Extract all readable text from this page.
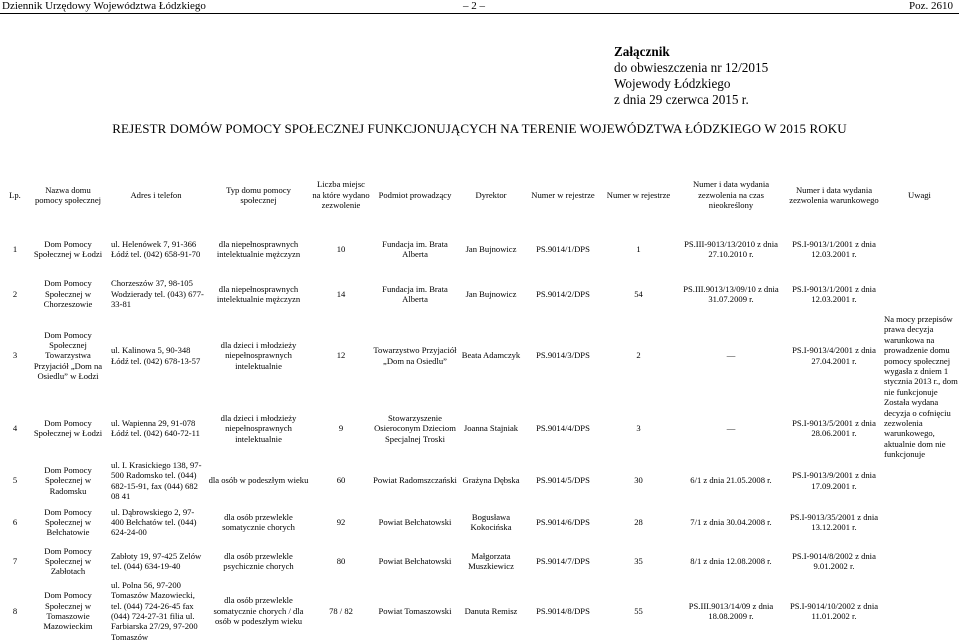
Dziennik Urzędowy Województwa Łódzkiego	– 2 –	Poz. 2610
Załącznik
do obwieszczenia nr 12/2015
Wojewody Łódzkiego
z dnia 29 czerwca 2015 r.
REJESTR DOMÓW POMOCY SPOŁECZNEJ FUNKCJONUJĄCYCH NA TERENIE WOJEWÓDZTWA ŁÓDZKIEGO W 2015 ROKU
Lp.	Nazwa domu pomocy społecznej	Adres i telefon	Typ domu pomocy społecznej	Liczba miejsc na które wydano zezwolenie	Podmiot prowadzący	Dyrektor	Numer w rejestrze	Numer w rejestrze	Numer i data wydania zezwolenia na czas nieokreślony	Numer i data wydania zezwolenia warunkowego	Uwagi
1	Dom Pomocy Społecznej w Łodzi	ul. Helenówek 7, 91-366 Łódź tel. (042) 658-91-70	dla niepełnosprawnych intelektualnie mężczyzn	10	Fundacja im. Brata Alberta	Jan Bujnowicz	PS.9014/1/DPS	1	PS.III-9013/13/2010 z dnia 27.10.2010 r.	PS.I-9013/1/2001 z dnia 12.03.2001 r.	
2	Dom Pomocy Społecznej w Chorzeszowie	Chorzeszów 37, 98-105 Wodzierady tel. (043) 677-33-81	dla niepełnosprawnych intelektualnie mężczyzn	14	Fundacja im. Brata Alberta	Jan Bujnowicz	PS.9014/2/DPS	54	PS.III.9013/13/09/10 z dnia 31.07.2009 r.	PS.I-9013/1/2001 z dnia 12.03.2001 r.	
3	Dom Pomocy Społecznej Towarzystwa Przyjaciół „Dom na Osiedlu” w Łodzi	ul. Kalinowa 5, 90-348 Łódź tel. (042) 678-13-57	dla dzieci i młodzieży niepełnosprawnych intelektualnie	12	Towarzystwo Przyjaciół „Dom na Osiedlu”	Beata Adamczyk	PS.9014/3/DPS	2	—	PS.I-9013/4/2001 z dnia 27.04.2001 r.	Na mocy przepisów prawa decyzja warunkowa na prowadzenie domu pomocy społecznej wygasła z dniem 1 stycznia 2013 r., dom nie funkcjonuje
4	Dom Pomocy Społecznej w Łodzi	ul. Wapienna 29, 91-078 Łódź tel. (042) 640-72-11	dla dzieci i młodzieży niepełnosprawnych intelektualnie	9	Stowarzyszenie Osieroconym Dzieciom Specjalnej Troski	Joanna Stajniak	PS.9014/4/DPS	3	—	PS.I-9013/5/2001 z dnia 28.06.2001 r.	Została wydana decyzja o cofnięciu zezwolenia warunkowego, aktualnie dom nie funkcjonuje
5	Dom Pomocy Społecznej w Radomsku	ul. I. Krasickiego 138, 97-500 Radomsko tel. (044) 682-15-91, fax (044) 682 08 41	dla osób w podeszłym wieku	60	Powiat Radomszczański	Grażyna Dębska	PS.9014/5/DPS	30	6/1 z dnia 21.05.2008 r.	PS.I-9013/9/2001 z dnia 17.09.2001 r.	
6	Dom Pomocy Społecznej w Bełchatowie	ul. Dąbrowskiego 2, 97-400 Bełchatów tel. (044) 624-24-00	dla osób przewlekle somatycznie chorych	92	Powiat Bełchatowski	Bogusława Kokocińska	PS.9014/6/DPS	28	7/1 z dnia 30.04.2008 r.	PS.I-9013/35/2001 z dnia 13.12.2001 r.	
7	Dom Pomocy Społecznej w Zabłotach	Zabłoty 19, 97-425 Zelów tel. (044) 634-19-40	dla osób przewlekle psychicznie chorych	80	Powiat Bełchatowski	Małgorzata Muszkiewicz	PS.9014/7/DPS	35	8/1 z dnia 12.08.2008 r.	PS.I-9014/8/2002 z dnia 9.01.2002 r.	
8	Dom Pomocy Społecznej w Tomaszowie Mazowieckim	ul. Polna 56, 97-200 Tomaszów Mazowiecki, tel. (044) 724-26-45 fax (044) 724-27-31 filia ul. Farbiarska 27/29, 97-200 Tomaszów	dla osób przewlekle somatycznie chorych / dla osób w podeszłym wieku	78 / 82	Powiat Tomaszowski	Danuta Remisz	PS.9014/8/DPS	55	PS.III.9013/14/09 z dnia 18.08.2009 r.	PS.I-9014/10/2002 z dnia 11.01.2002 r.	
